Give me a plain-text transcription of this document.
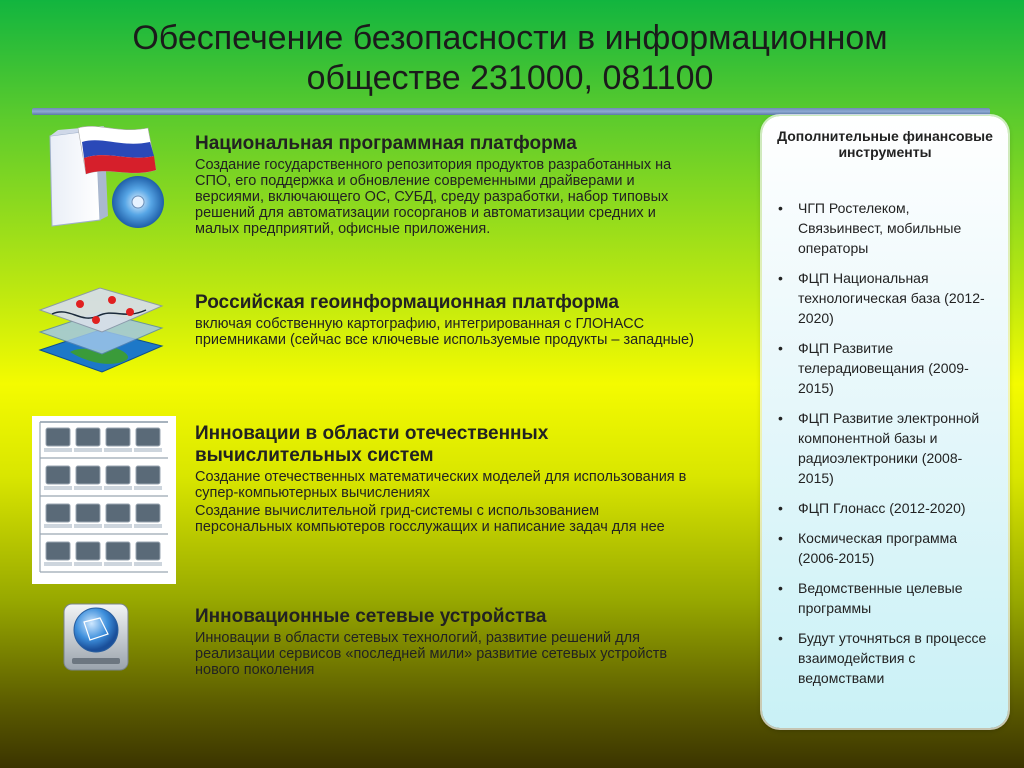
Обеспечение безопасности в информационном
обществе 231000, 081100
Национальная программная платформа
Создание государственного репозитория продуктов разработанных на СПО, его поддержка и обновление современными драйверами и версиями, включающего ОС, СУБД, среду разработки, набор типовых решений для автоматизации госорганов и автоматизации средних и малых предприятий, офисные приложения.
Российская геоинформационная платформа
включая собственную картографию, интегрированная с ГЛОНАСС приемниками (сейчас все ключевые используемые продукты – западные)
Инновации в области отечественных вычислительных систем
Создание отечественных математических моделей для использования в супер-компьютерных вычислениях
Создание вычислительной грид-системы с использованием персональных компьютеров госслужащих и написание задач для нее
Инновационные сетевые устройства
Инновации в области сетевых технологий, развитие решений для реализации сервисов «последней мили» развитие сетевых устройств нового поколения
Дополнительные финансовые инструменты
• ЧГП Ростелеком, Связьинвест, мобильные операторы
• ФЦП Национальная технологическая база (2012-2020)
• ФЦП Развитие телерадиовещания (2009-2015)
• ФЦП Развитие электронной компонентной базы и радиоэлектроники (2008-2015)
• ФЦП Глонасс (2012-2020)
• Космическая программа (2006-2015)
• Ведомственные целевые программы
• Будут уточняться в процессе взаимодействия с ведомствами
